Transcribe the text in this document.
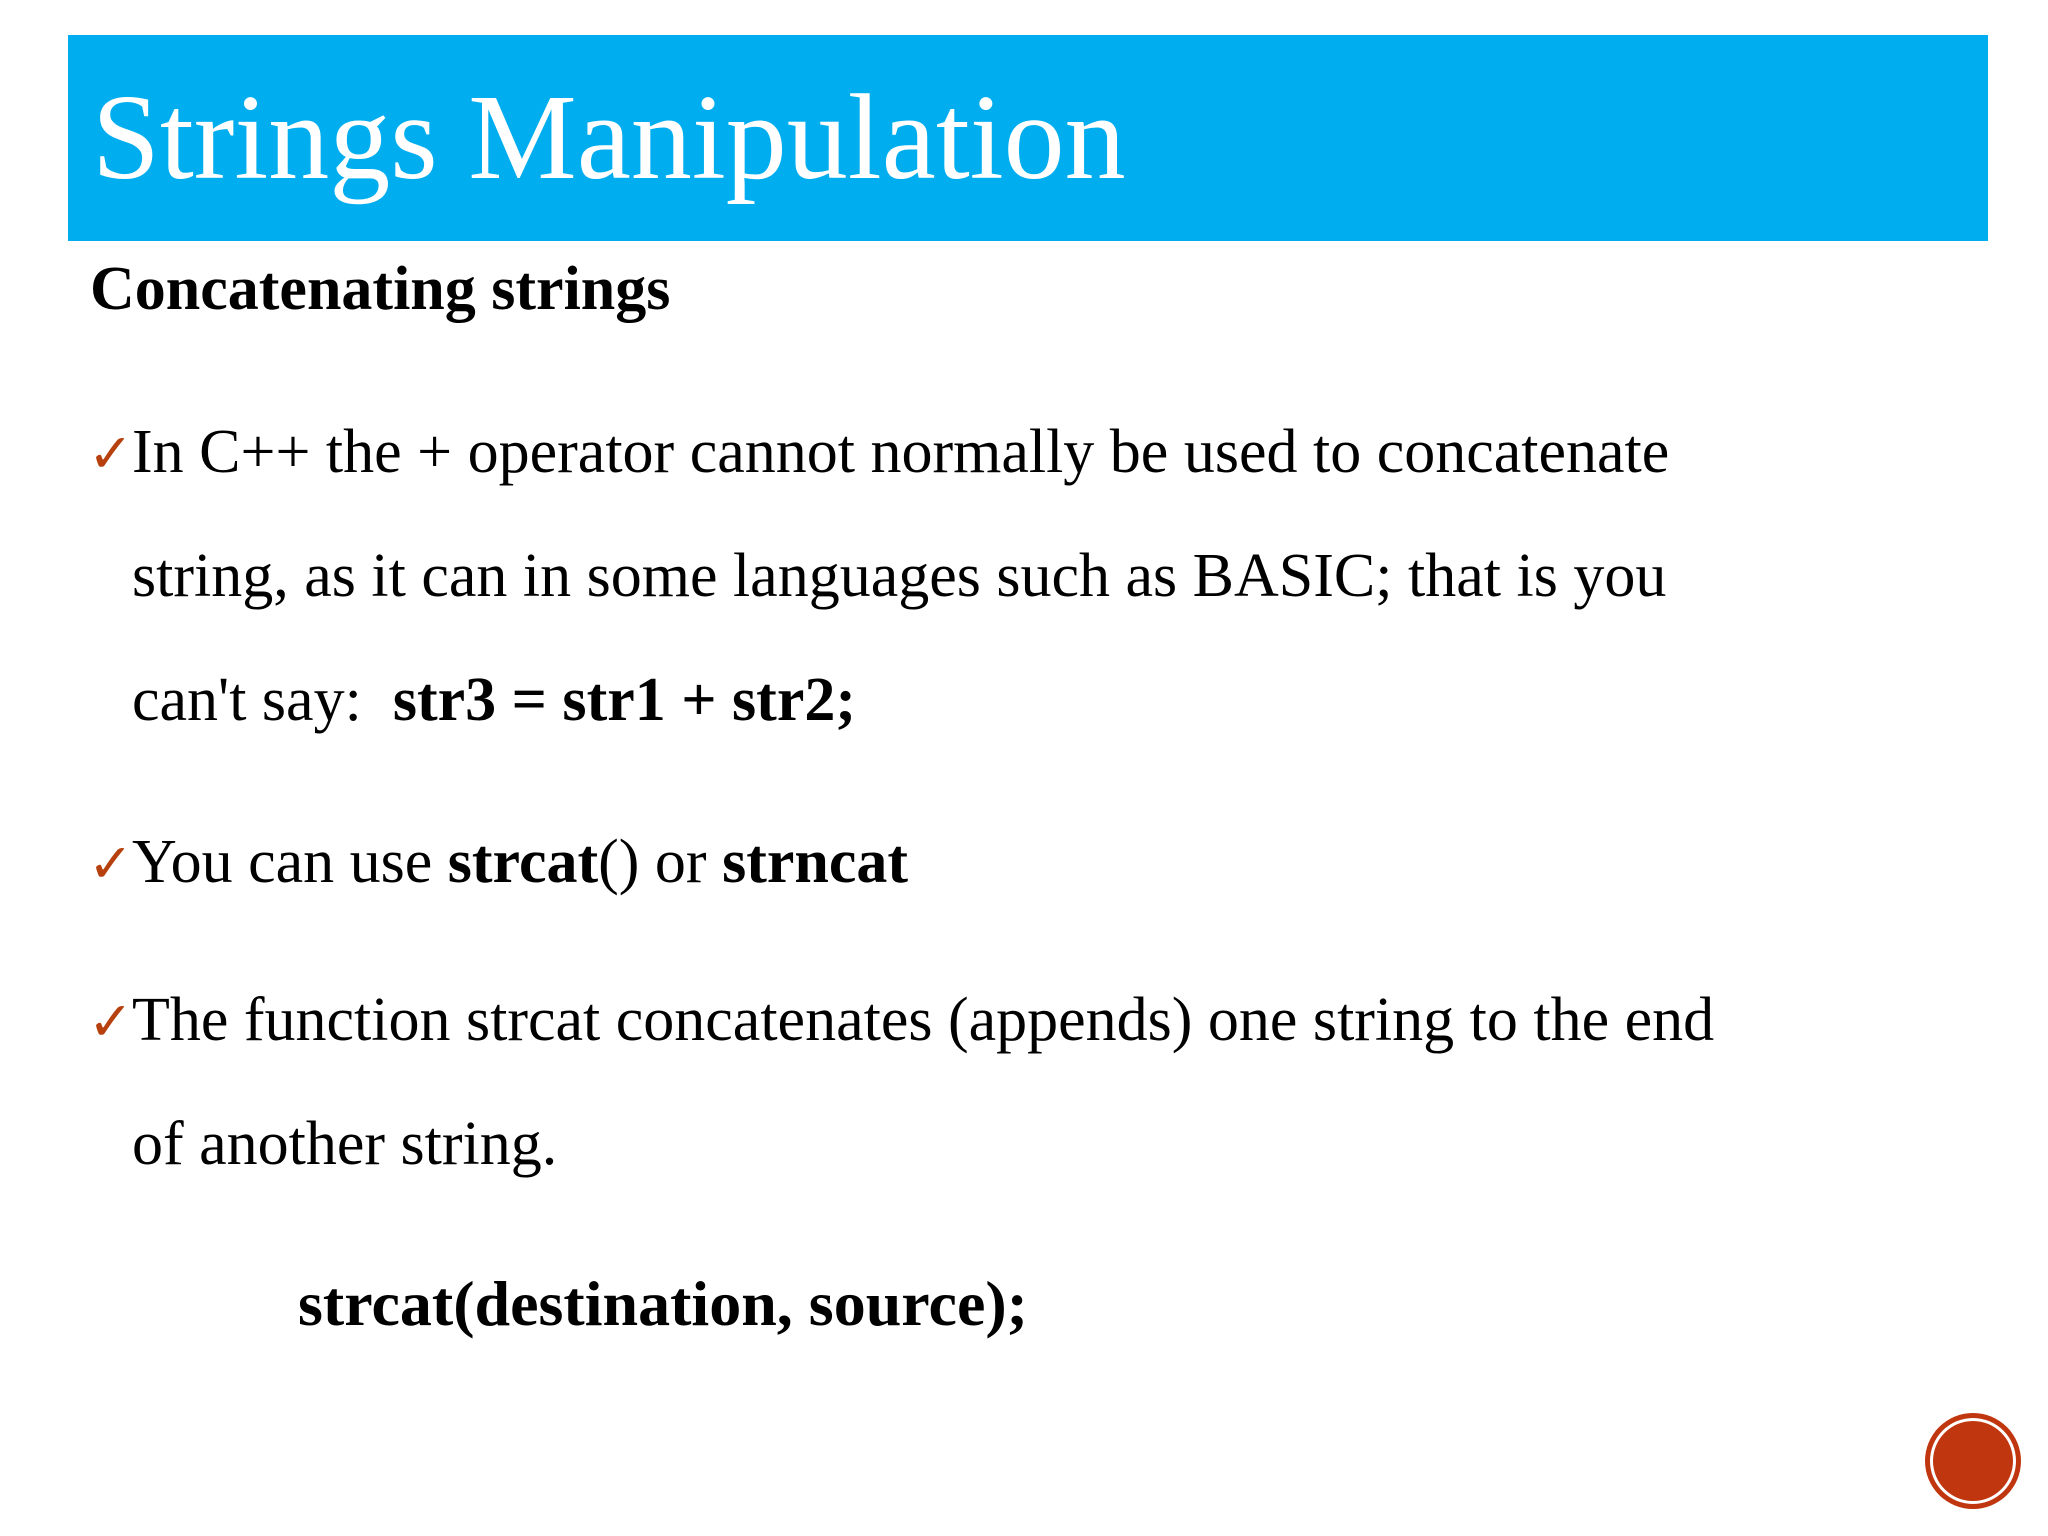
Strings Manipulation
Concatenating strings
✓In C++ the + operator cannot normally be used to concatenate
string, as it can in some languages such as BASIC; that is you
can't say:  str3 = str1 + str2;
✓You can use strcat() or strncat
✓The function strcat concatenates (appends) one string to the end
of another string.
strcat(destination, source);
